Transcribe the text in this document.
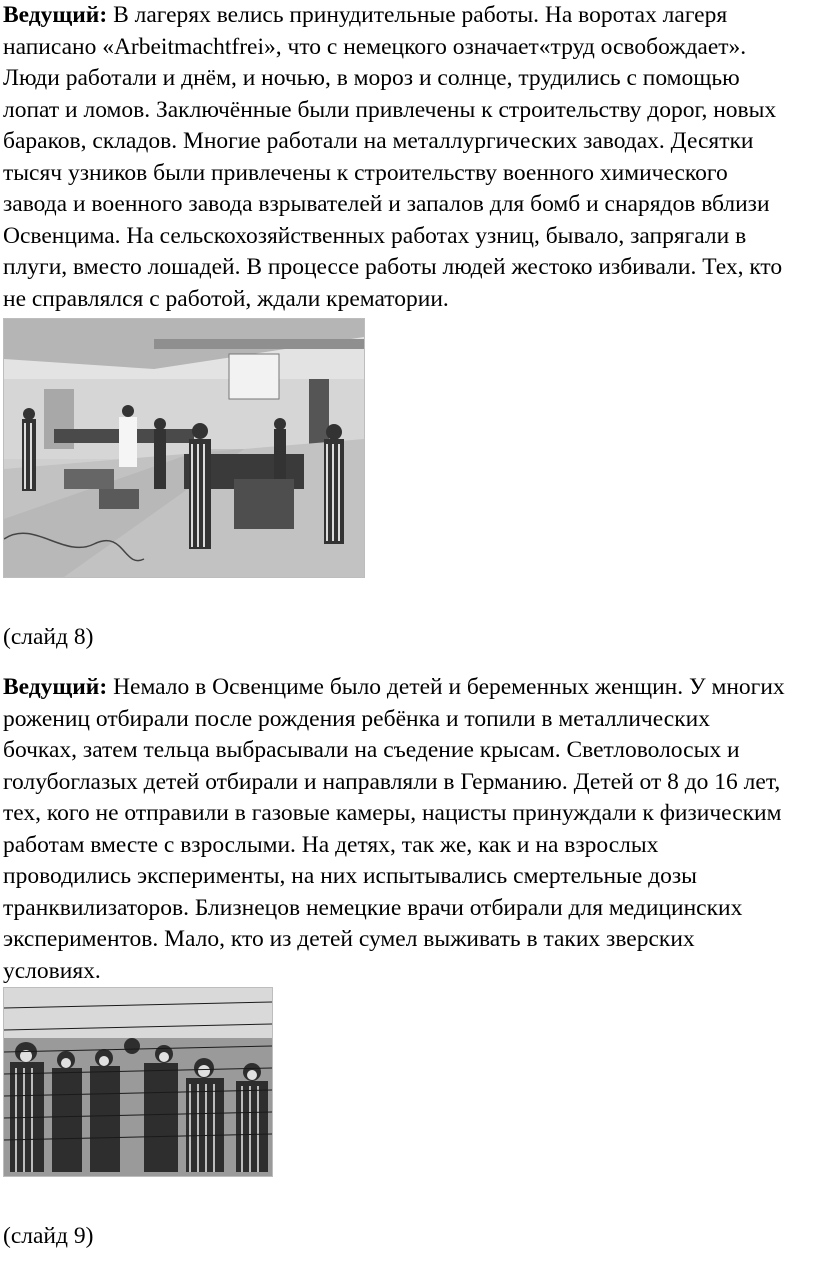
Ведущий: В лагерях велись принудительные работы. На воротах лагеря
написано «Arbeitmachtfrei», что с немецкого означает«труд освобождает».
Люди работали и днём, и ночью, в мороз и солнце, трудились с помощью
лопат и ломов. Заключённые были привлечены к строительству дорог, новых
бараков, складов. Многие работали на металлургических заводах. Десятки
тысяч узников были привлечены к строительству военного химического
завода и военного завода взрывателей и запалов для бомб и снарядов вблизи
Освенцима. На сельскохозяйственных работах узниц, бывало, запрягали в
плуги, вместо лошадей. В процессе работы людей жестоко избивали. Тех, кто
не справлялся с работой, ждали крематории.

(слайд 8)

Ведущий: Немало в Освенциме было детей и беременных женщин. У многих
рожениц отбирали после рождения ребёнка и топили в металлических
бочках, затем тельца выбрасывали на съедение крысам. Светловолосых и
голубоглазых детей отбирали и направляли в Германию. Детей от 8 до 16 лет,
тех, кого не отправили в газовые камеры, нацисты принуждали к физическим
работам вместе с взрослыми. На детях, так же, как и на взрослых
проводились эксперименты, на них испытывались смертельные дозы
транквилизаторов. Близнецов немецкие врачи отбирали для медицинских
экспериментов. Мало, кто из детей сумел выживать в таких зверских
условиях.

(слайд 9)
